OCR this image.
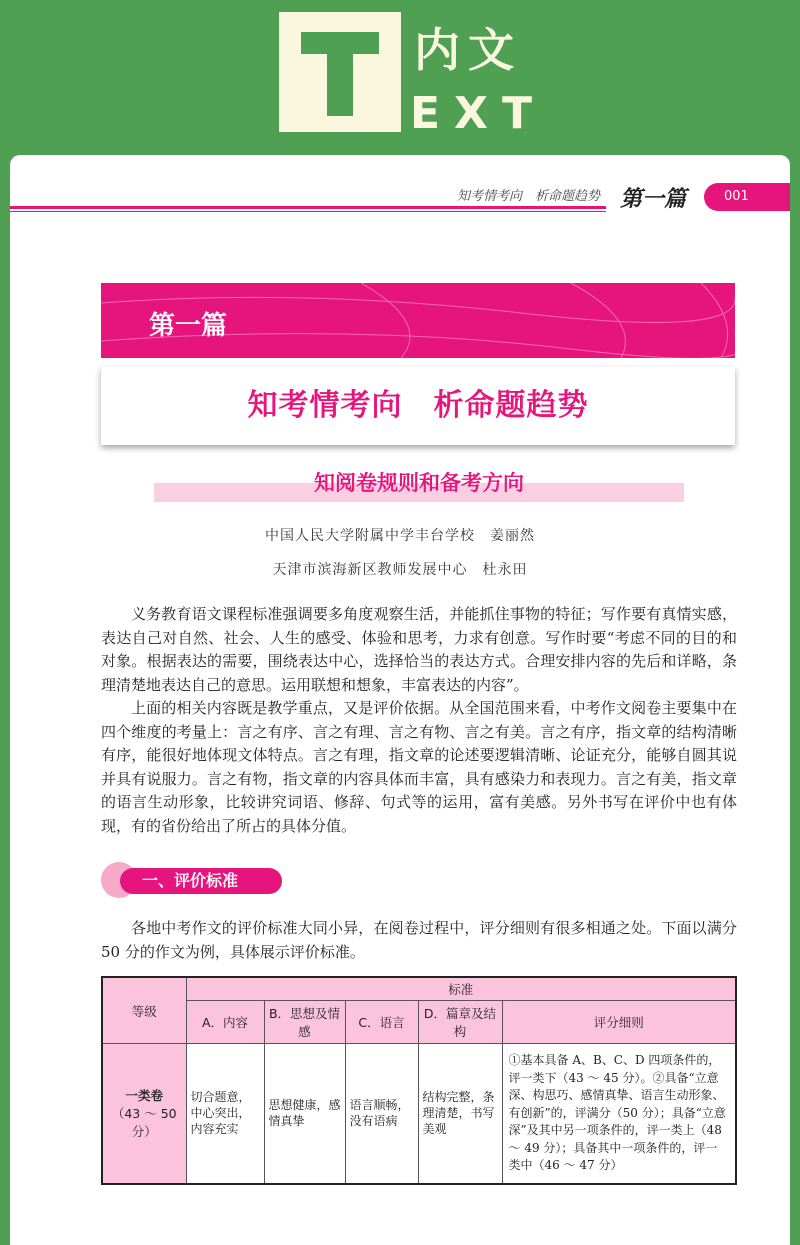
内文
EXT
知考情考向　析命题趋势 第一篇	001
第一篇
知考情考向　析命题趋势
知阅卷规则和备考方向
中国人民大学附属中学丰台学校　姜丽然
天津市滨海新区教师发展中心　杜永田
义务教育语文课程标准强调要多角度观察生活，并能抓住事物的特征；写作要有真情实感，表达自己对自然、社会、人生的感受、体验和思考，力求有创意。写作时要“考虑不同的目的和对象。根据表达的需要，围绕表达中心，选择恰当的表达方式。合理安排内容的先后和详略，条理清楚地表达自己的意思。运用联想和想象，丰富表达的内容”。
上面的相关内容既是教学重点，又是评价依据。从全国范围来看，中考作文阅卷主要集中在四个维度的考量上：言之有序、言之有理、言之有物、言之有美。言之有序，指文章的结构清晰有序，能很好地体现文体特点。言之有理，指文章的论述要逻辑清晰、论证充分，能够自圆其说并具有说服力。言之有物，指文章的内容具体而丰富，具有感染力和表现力。言之有美，指文章的语言生动形象，比较讲究词语、修辞、句式等的运用，富有美感。另外书写在评价中也有体现，有的省份给出了所占的具体分值。
一、评价标准
各地中考作文的评价标准大同小异，在阅卷过程中，评分细则有很多相通之处。下面以满分 50 分的作文为例，具体展示评价标准。
等级	标准				
	A．内容	B．思想及情感	C．语言	D．篇章及结构	评分细则

一类卷
（43 ～ 50 分）	切合题意，中心突出，内容充实	思想健康，感情真挚	语言顺畅，没有语病	结构完整，条理清楚，书写美观	①基本具备 A、B、C、D 四项条件的，评一类下（43 ～ 45 分）。②具备“立意深、构思巧、感情真挚、语言生动形象、有创新”的，评满分（50 分）；具备“立意深”及其中另一项条件的，评一类上（48 ～ 49 分）；具备其中一项条件的，评一类中（46 ～ 47 分）
